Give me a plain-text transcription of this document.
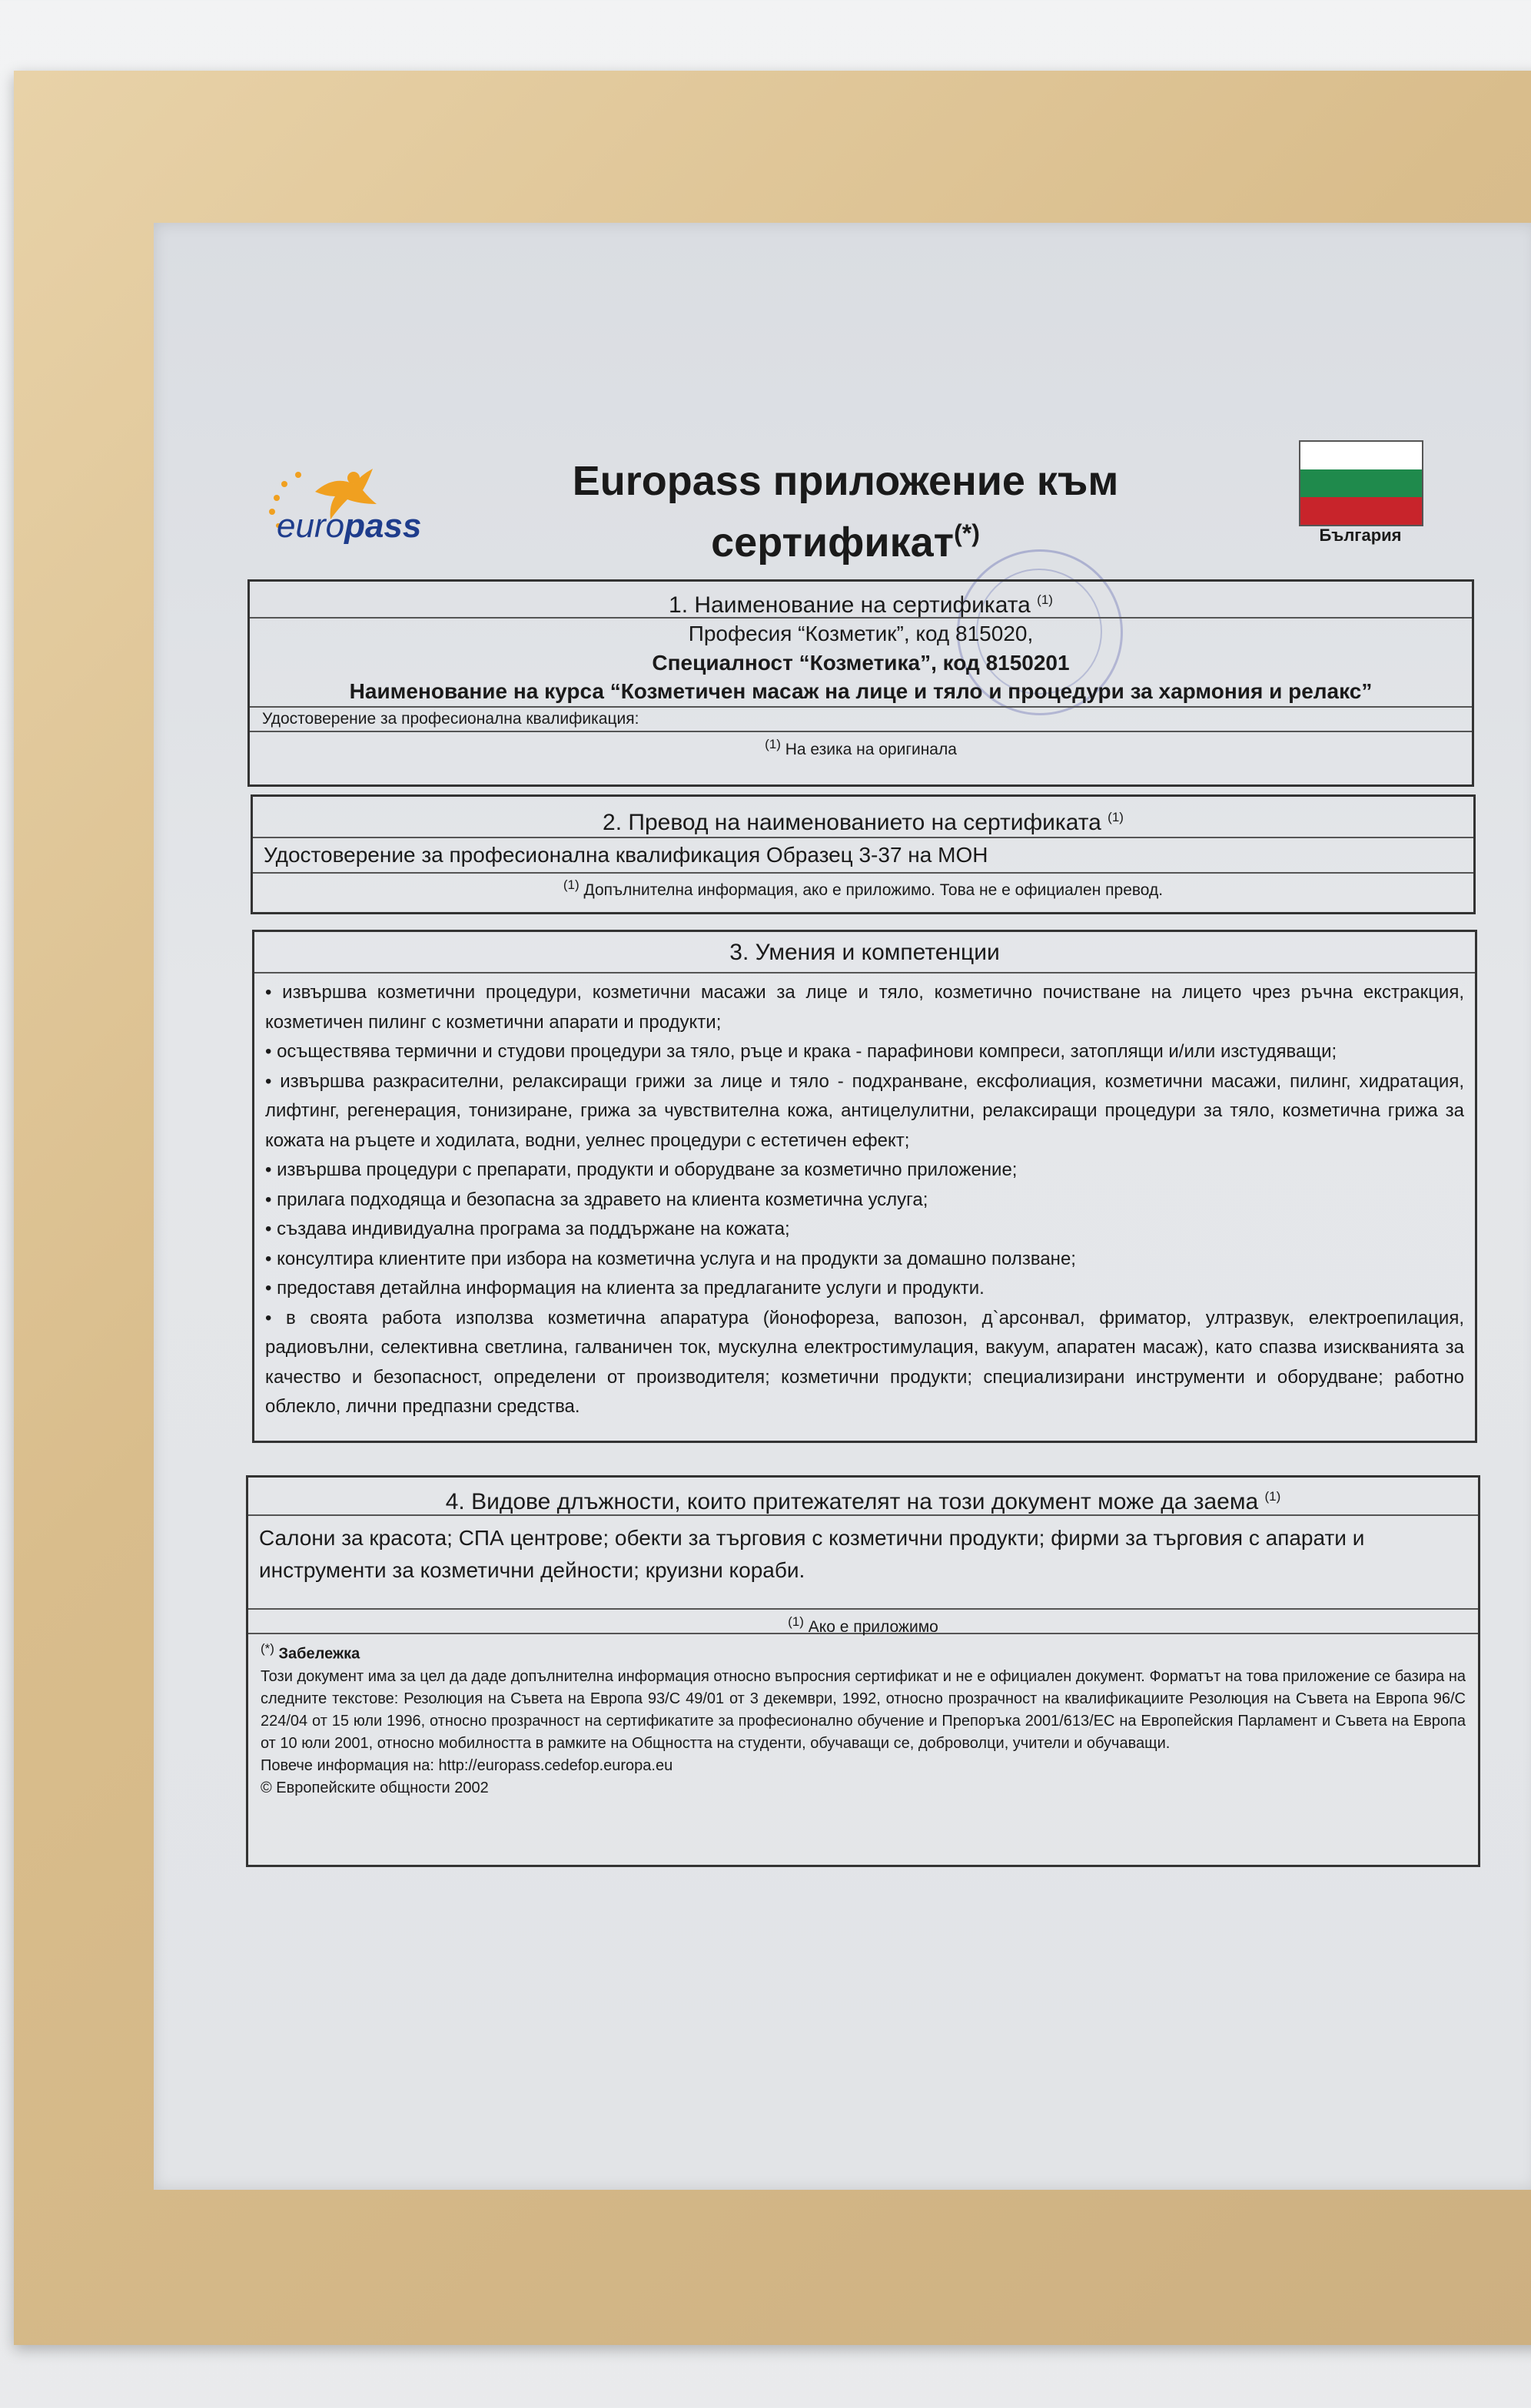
europass
Europass приложение към
сертификат(*)	България
1. Наименование на сертификата $^{(1)}$
Професия “Козметик”, код 815020,
Специалност “Козметика”, код 8150201
Наименование на курса “Козметичен масаж на лице и тяло и процедури за хармония и релакс”
Удостоверение за професионална квалификация:
$^{(1)}$ На езика на оригинала
2. Превод на наименованието на сертификата $^{(1)}$
Удостоверение за професионална квалификация Образец 3-37 на МОН
$^{(1)}$ Допълнителна информация, ако е приложимо. Това не е официален превод.
3. Умения и компетенции
• извършва козметични процедури, козметични масажи за лице и тяло, козметично почистване на лицето чрез ръчна екстракция, козметичен пилинг с козметични апарати и продукти;
• осъществява термични и студови процедури за тяло, ръце и крака - парафинови компреси, затоплящи и/или изстудяващи;
• извършва разкрасителни, релаксиращи грижи за лице и тяло - подхранване, ексфолиация, козметични масажи, пилинг, хидратация, лифтинг, регенерация, тонизиране, грижа за чувствителна кожа, антицелулитни, релаксиращи процедури за тяло, козметична грижа за кожата на ръцете и ходилата, водни, уелнес процедури с естетичен ефект;
• извършва процедури с препарати, продукти и оборудване за козметично приложение;
• прилага подходяща и безопасна за здравето на клиента козметична услуга;
• създава индивидуална програма за поддържане на кожата;
• консултира клиентите при избора на козметична услуга и на продукти за домашно ползване;
• предоставя детайлна информация на клиента за предлаганите услуги и продукти.
• в своята работа използва козметична апаратура (йонофореза, вапозон, д`арсонвал, фриматор, ултразвук, електроепилация, радиовълни, селективна светлина, галваничен ток, мускулна електростимулация, вакуум, апаратен масаж), като спазва изискванията за качество и безопасност, определени от производителя; козметични продукти; специализирани инструменти и оборудване; работно облекло, лични предпазни средства.
4. Видове длъжности, които притежателят на този документ може да заема $^{(1)}$
Салони за красота; СПА центрове; обекти за търговия с козметични продукти; фирми за търговия с апарати и инструменти за козметични дейности; круизни кораби.
$^{(1)}$ Ако е приложимо
(*) Забележка

Този документ има за цел да даде допълнителна информация относно въпросния сертификат и не е официален документ. Форматът на това приложение се базира на следните текстове: Резолюция на Съвета на Европа 93/С 49/01 от 3 декември, 1992, относно прозрачност на квалификациите Резолюция на Съвета на Европа 96/С 224/04 от 15 юли 1996, относно прозрачност на сертификатите за професионално обучение и Препоръка 2001/613/ЕС на Европейския Парламент и Съвета на Европа от 10 юли 2001, относно мобилността в рамките на Общността на студенти, обучаващи се, доброволци, учители и обучаващи.

Повече информация на: http://europass.cedefop.europa.eu
© Европейските общности 2002
